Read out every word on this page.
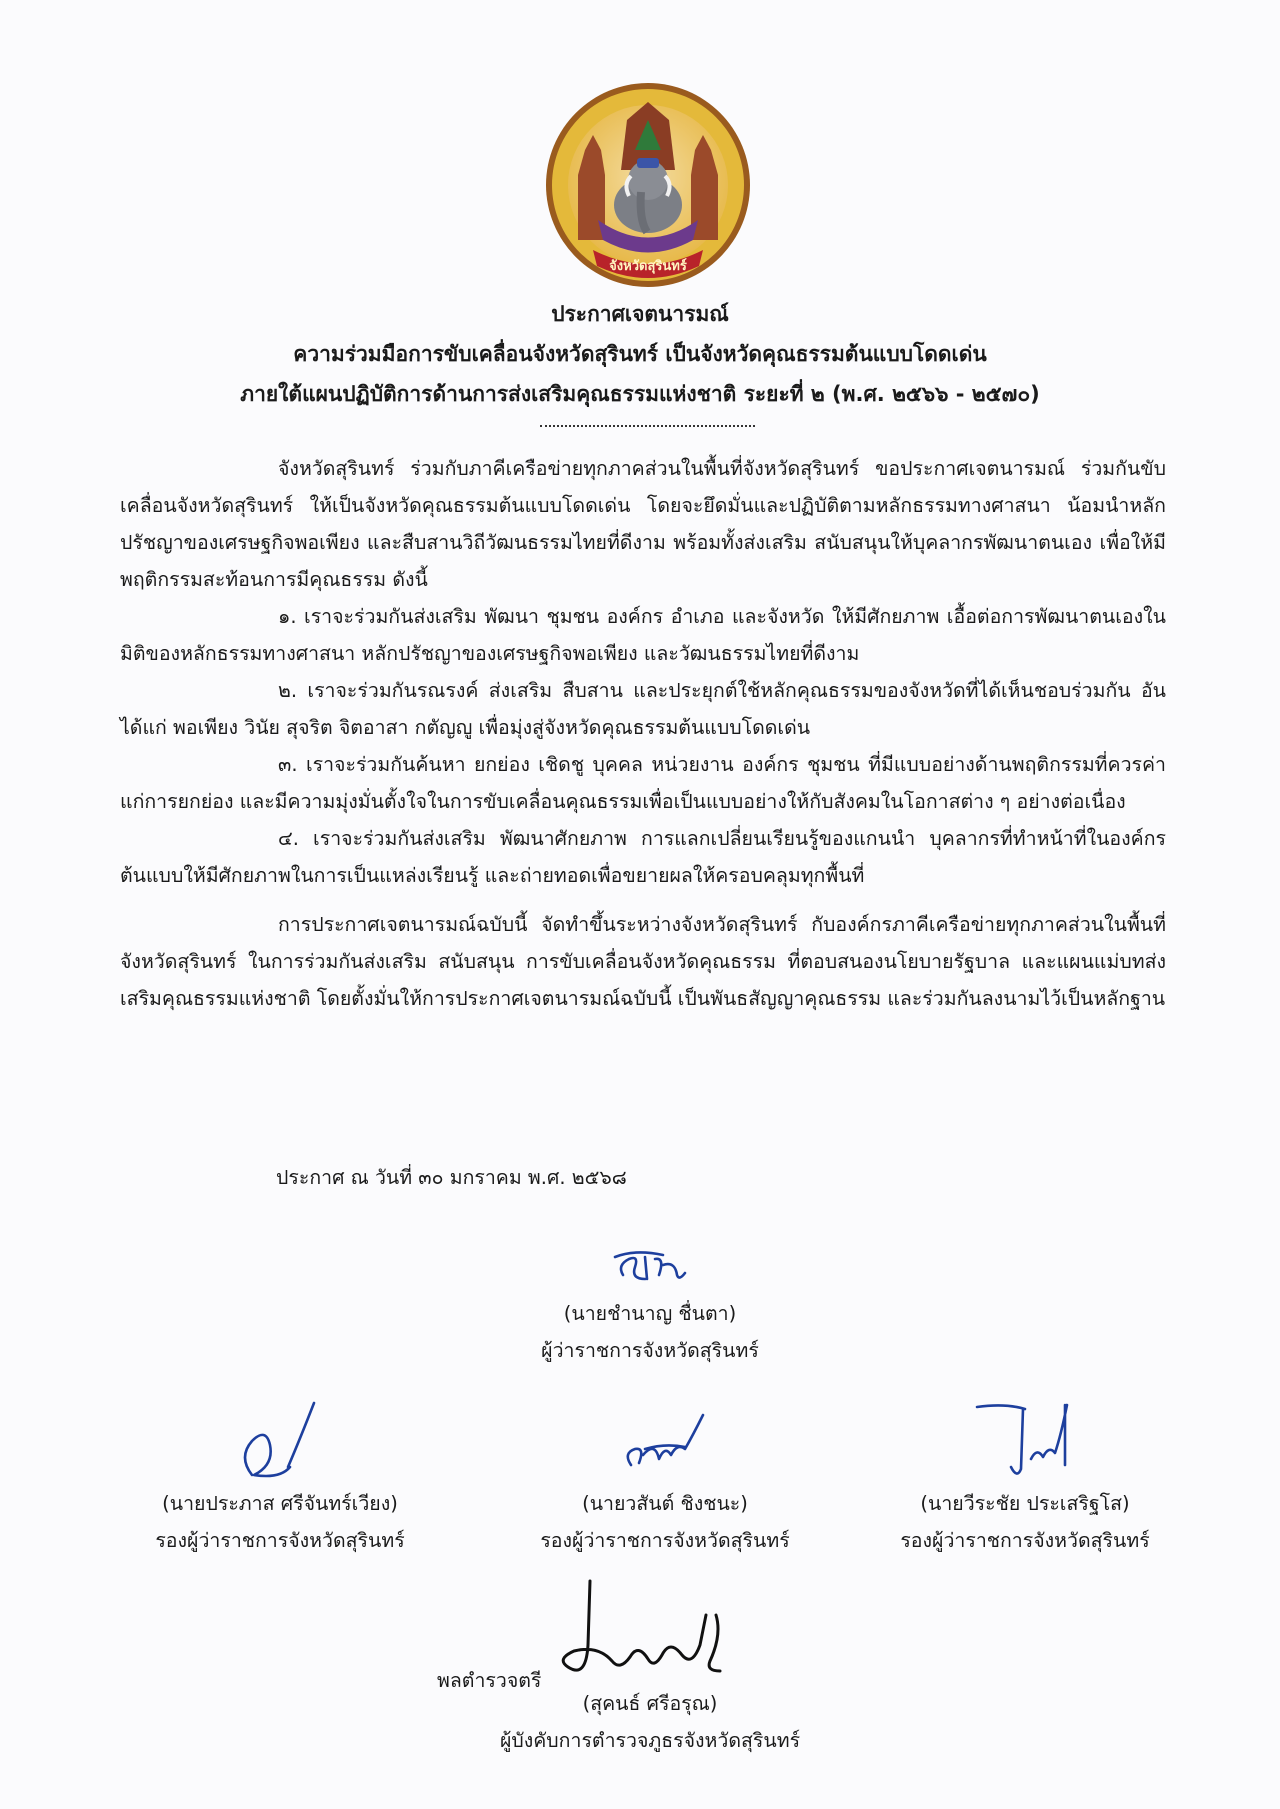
จังหวัดสุรินทร์
ประกาศเจตนารมณ์
ความร่วมมือการขับเคลื่อนจังหวัดสุรินทร์ เป็นจังหวัดคุณธรรมต้นแบบโดดเด่น
ภายใต้แผนปฏิบัติการด้านการส่งเสริมคุณธรรมแห่งชาติ ระยะที่ ๒ (พ.ศ. ๒๕๖๖ - ๒๕๗๐)

จังหวัดสุรินทร์ ร่วมกับภาคีเครือข่ายทุกภาคส่วนในพื้นที่จังหวัดสุรินทร์ ขอประกาศเจตนารมณ์ ร่วมกันขับเคลื่อนจังหวัดสุรินทร์ ให้เป็นจังหวัดคุณธรรมต้นแบบโดดเด่น โดยจะยึดมั่นและปฏิบัติตามหลักธรรมทางศาสนา น้อมนำหลักปรัชญาของเศรษฐกิจพอเพียง และสืบสานวิถีวัฒนธรรมไทยที่ดีงาม พร้อมทั้งส่งเสริม สนับสนุนให้บุคลากรพัฒนาตนเอง เพื่อให้มีพฤติกรรมสะท้อนการมีคุณธรรม ดังนี้

๑. เราจะร่วมกันส่งเสริม พัฒนา ชุมชน องค์กร อำเภอ และจังหวัด ให้มีศักยภาพ เอื้อต่อการพัฒนาตนเองในมิติของหลักธรรมทางศาสนา หลักปรัชญาของเศรษฐกิจพอเพียง และวัฒนธรรมไทยที่ดีงาม

๒. เราจะร่วมกันรณรงค์ ส่งเสริม สืบสาน และประยุกต์ใช้หลักคุณธรรมของจังหวัดที่ได้เห็นชอบร่วมกัน อันได้แก่ พอเพียง วินัย สุจริต จิตอาสา กตัญญู เพื่อมุ่งสู่จังหวัดคุณธรรมต้นแบบโดดเด่น

๓. เราจะร่วมกันค้นหา ยกย่อง เชิดชู บุคคล หน่วยงาน องค์กร ชุมชน ที่มีแบบอย่างด้านพฤติกรรมที่ควรค่าแก่การยกย่อง และมีความมุ่งมั่นตั้งใจในการขับเคลื่อนคุณธรรมเพื่อเป็นแบบอย่างให้กับสังคมในโอกาสต่าง ๆ อย่างต่อเนื่อง

๔. เราจะร่วมกันส่งเสริม พัฒนาศักยภาพ การแลกเปลี่ยนเรียนรู้ของแกนนำ บุคลากรที่ทำหน้าที่ในองค์กรต้นแบบให้มีศักยภาพในการเป็นแหล่งเรียนรู้ และถ่ายทอดเพื่อขยายผลให้ครอบคลุมทุกพื้นที่

การประกาศเจตนารมณ์ฉบับนี้ จัดทำขึ้นระหว่างจังหวัดสุรินทร์ กับองค์กรภาคีเครือข่ายทุกภาคส่วนในพื้นที่จังหวัดสุรินทร์ ในการร่วมกันส่งเสริม สนับสนุน การขับเคลื่อนจังหวัดคุณธรรม ที่ตอบสนองนโยบายรัฐบาล และแผนแม่บทส่งเสริมคุณธรรมแห่งชาติ โดยตั้งมั่นให้การประกาศเจตนารมณ์ฉบับนี้ เป็นพันธสัญญาคุณธรรม และร่วมกันลงนามไว้เป็นหลักฐาน

ประกาศ ณ วันที่ ๓๐ มกราคม พ.ศ. ๒๕๖๘
(นายชำนาญ ชื่นตา)
ผู้ว่าราชการจังหวัดสุรินทร์
(นายประภาส ศรีจันทร์เวียง)
รองผู้ว่าราชการจังหวัดสุรินทร์
(นายวสันต์ ชิงชนะ)
รองผู้ว่าราชการจังหวัดสุรินทร์
(นายวีระชัย ประเสริฐโส)
รองผู้ว่าราชการจังหวัดสุรินทร์
พลตำรวจตรี
(สุคนธ์ ศรีอรุณ)
ผู้บังคับการตำรวจภูธรจังหวัดสุรินทร์
